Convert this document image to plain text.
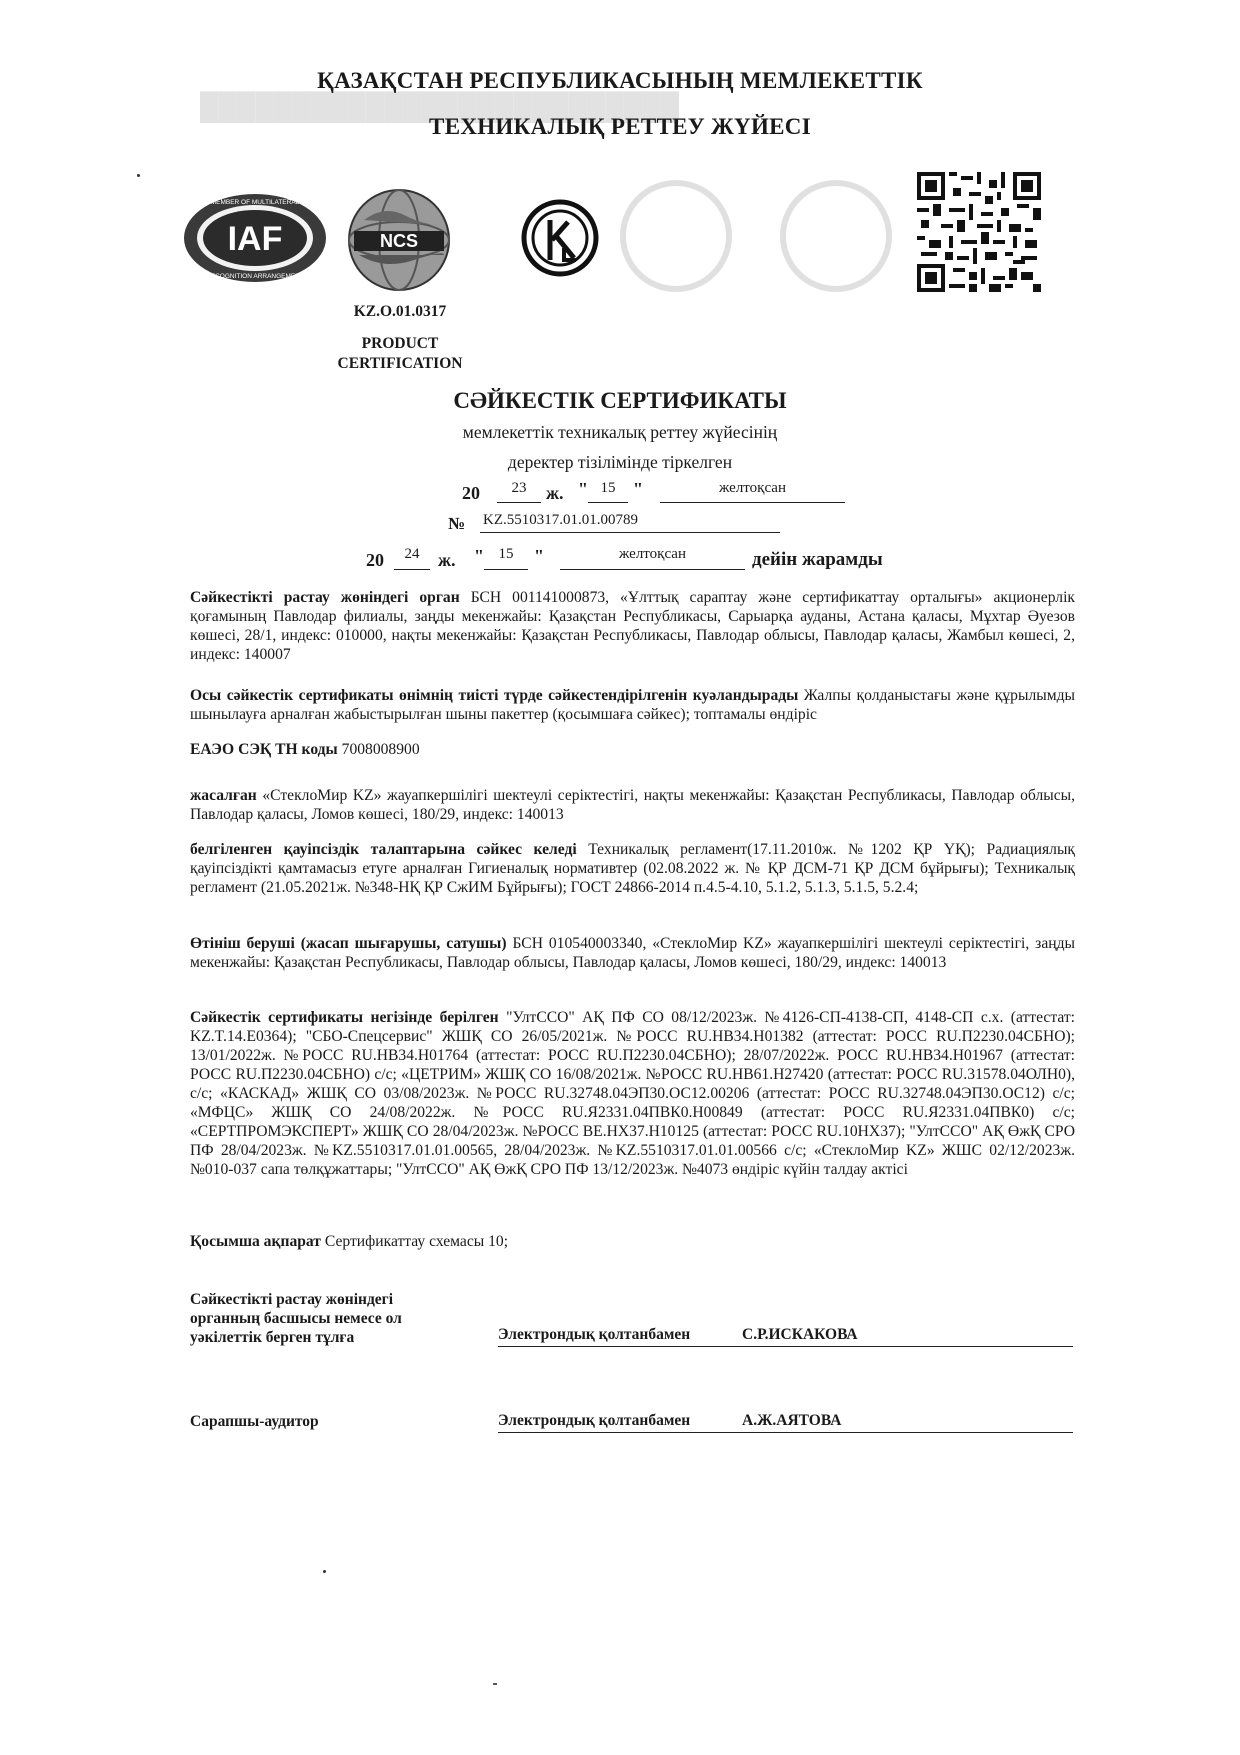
██████████████████████████
ҚАЗАҚСТАН РЕСПУБЛИКАСЫНЫҢ МЕМЛЕКЕТТІК
ТЕХНИКАЛЫҚ РЕТТЕУ ЖҮЙЕСІ
IAF
MEMBER OF MULTILATERAL
RECOGNITION ARRANGEMENT
NCS
KZ.O.01.0317
PRODUCT
CERTIFICATION
СӘЙКЕСТІК СЕРТИФИКАТЫ
мемлекеттік техникалық реттеу жүйесінің
деректер тізілімінде тіркелген
20	23	ж. " 15 "	желтоқсан
№ KZ.5510317.01.01.00789
20	24	ж. " 15	"	желтоқсан	дейін жарамды
Сәйкестікті растау жөніндегі орган БСН 001141000873, «Ұлттық сараптау және сертификаттау орталығы» акционерлік қоғамының Павлодар филиалы, заңды мекенжайы: Қазақстан Республикасы, Сарыарқа ауданы, Астана қаласы, Мұхтар Әуезов көшесі, 28/1, индекс: 010000, нақты мекенжайы: Қазақстан Республикасы, Павлодар облысы, Павлодар қаласы, Жамбыл көшесі, 2, индекс: 140007
Осы сәйкестік сертификаты өнімнің тиісті түрде сәйкестендірілгенін куәландырады Жалпы қолданыстағы және құрылымды шынылауға арналған жабыстырылған шыны пакеттер (қосымшаға сәйкес); топтамалы өндіріс
ЕАЭО СЭҚ ТН коды 7008008900
жасалған «СтеклоМир KZ» жауапкершілігі шектеулі серіктестігі, нақты мекенжайы: Қазақстан Республикасы, Павлодар облысы, Павлодар қаласы, Ломов көшесі, 180/29, индекс: 140013
белгіленген қауіпсіздік талаптарына сәйкес келеді Техникалық регламент(17.11.2010ж. №1202 ҚР ҮҚ); Радиациялық қауіпсіздікті қамтамасыз етуге арналған Гигиеналық нормативтер (02.08.2022 ж. № ҚР ДСМ-71 ҚР ДСМ бұйрығы); Техникалық регламент (21.05.2021ж. №348-НҚ ҚР СжИМ Бұйрығы); ГОСТ 24866-2014 п.4.5-4.10, 5.1.2, 5.1.3, 5.1.5, 5.2.4;
Өтініш беруші (жасап шығарушы, сатушы) БСН 010540003340, «СтеклоМир KZ» жауапкершілігі шектеулі серіктестігі, заңды мекенжайы: Қазақстан Республикасы, Павлодар облысы, Павлодар қаласы, Ломов көшесі, 180/29, индекс: 140013
Сәйкестік сертификаты негізінде берілген "УлтССО" АҚ ПФ СО 08/12/2023ж. №4126-СП-4138-СП, 4148-СП с.х. (аттестат: KZ.T.14.E0364); "СБО-Спецсервис" ЖШҚ СО 26/05/2021ж. №РОСС RU.НВ34.Н01382 (аттестат: РОСС RU.П2230.04СБНО); 13/01/2022ж. №РОСС RU.НВ34.Н01764 (аттестат: РОСС RU.П2230.04СБНО); 28/07/2022ж. РОСС RU.НВ34.Н01967 (аттестат: РОСС RU.П2230.04СБНО) с/с; «ЦЕТРИМ» ЖШҚ СО 16/08/2021ж. №РОСС RU.НВ61.Н27420 (аттестат: РОСС RU.31578.04ОЛН0), с/с; «КАСКАД» ЖШҚ СО 03/08/2023ж. №РОСС RU.32748.04ЭП30.ОС12.00206 (аттестат: РОСС RU.32748.04ЭП30.ОС12) с/с; «МФЦС» ЖШҚ СО 24/08/2022ж. №РОСС RU.Я2331.04ПВК0.Н00849 (аттестат: РОСС RU.Я2331.04ПВК0) с/с; «СЕРТПРОМЭКСПЕРТ» ЖШҚ СО 28/04/2023ж. №РОСС BE.НХ37.Н10125 (аттестат: РОСС RU.10НХ37); "УлтССО" АҚ ӨжҚ СРО ПФ 28/04/2023ж. №KZ.5510317.01.01.00565, 28/04/2023ж. №KZ.5510317.01.01.00566 с/с; «СтеклоМир KZ» ЖШС 02/12/2023ж. №010-037 сапа төлқұжаттары; "УлтССО" АҚ ӨжҚ СРО ПФ 13/12/2023ж. №4073 өндіріс күйін талдау актісі
Қосымша ақпарат Сертификаттау схемасы 10;
Сәйкестікті растау жөніндегі
органның басшысы немесе ол
уәкілеттік берген тұлға	Электрондық қолтанбамен	С.Р.ИСКАКОВА
Сарапшы-аудитор	Электрондық қолтанбамен	А.Ж.АЯТОВА
